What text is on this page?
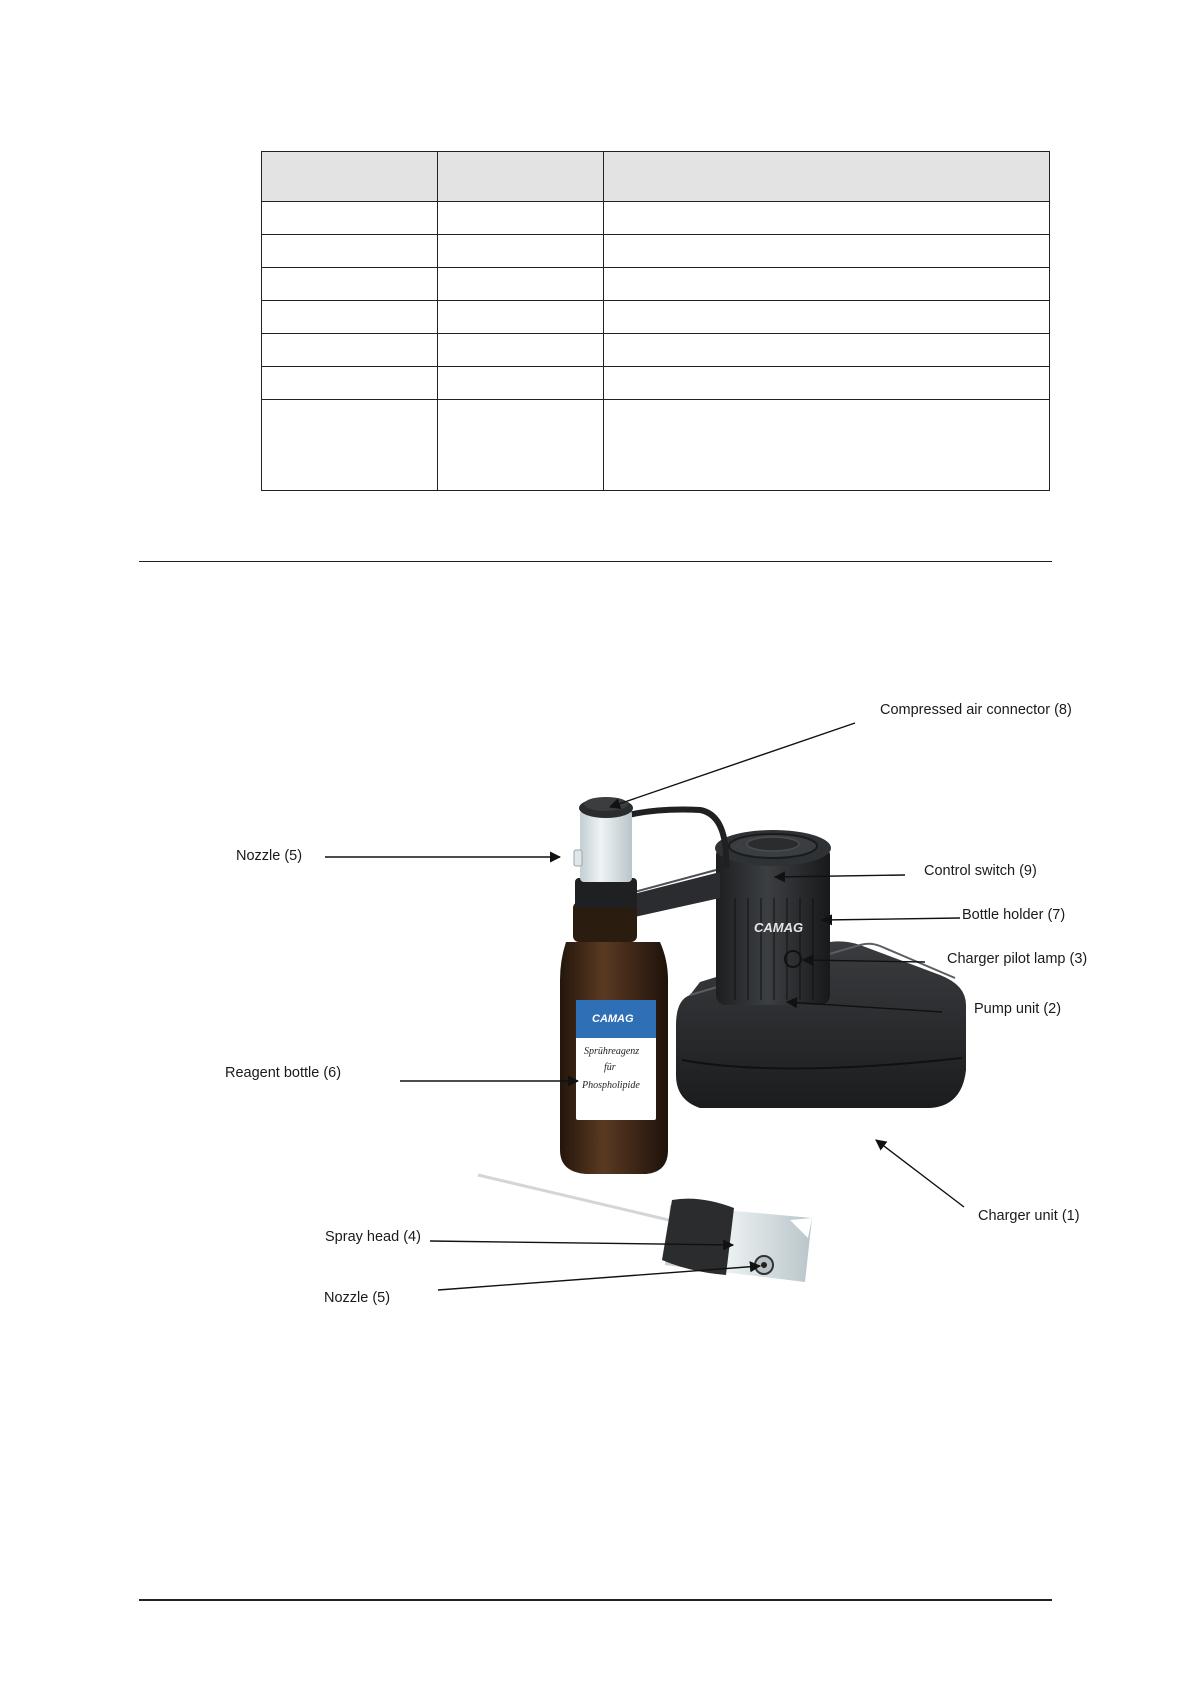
CAMAG
CAMAG
Sprühreagenz
für
Phospholipide
Compressed air connector (8)
Nozzle (5)
Control switch (9)
Bottle holder (7)
Charger pilot lamp (3)
Pump unit (2)
Reagent bottle (6)
Charger unit (1)
Spray head (4)
Nozzle (5)
